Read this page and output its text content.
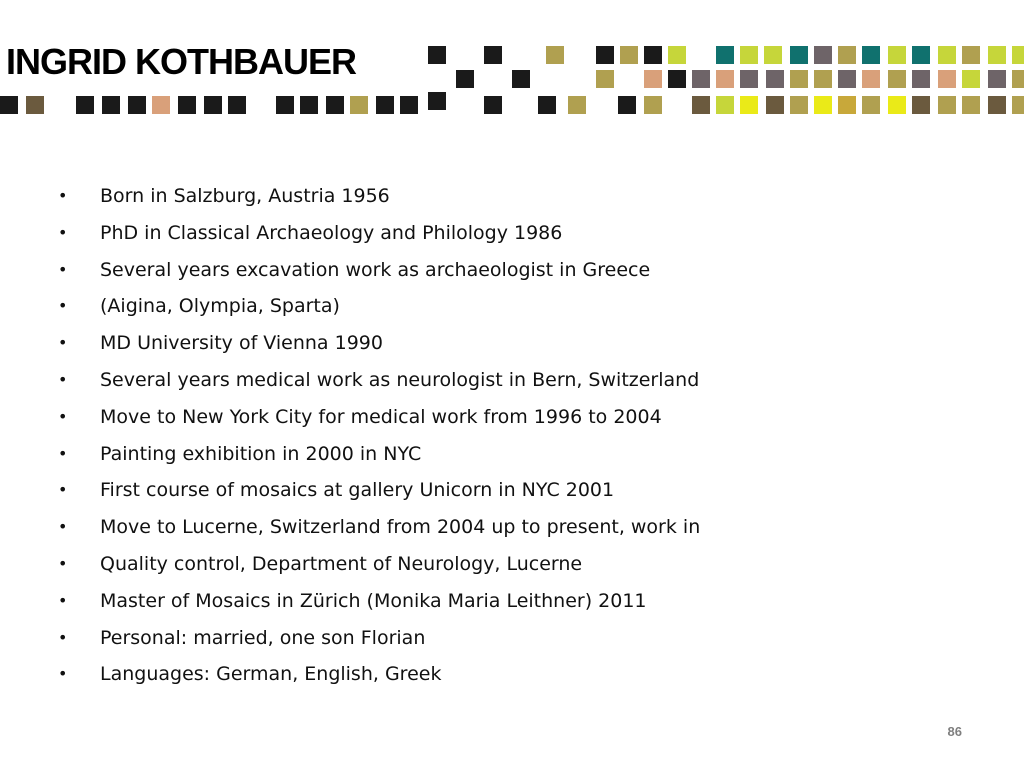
INGRID KOTHBAUER
•	Born in Salzburg, Austria 1956
•	PhD in Classical Archaeology and Philology 1986
•	Several years excavation work as archaeologist in Greece
•	(Aigina, Olympia, Sparta)
•	MD University of Vienna 1990
•	Several years medical work as neurologist in Bern, Switzerland
•	Move to New York City for medical work from 1996 to 2004
•	Painting exhibition in 2000 in NYC
•	First course of mosaics at gallery Unicorn in NYC 2001
•	Move to Lucerne, Switzerland from 2004 up to present, work in
•	Quality control, Department of Neurology, Lucerne
•	Master of Mosaics in Zürich (Monika Maria Leithner) 2011
•	Personal: married, one son Florian
•	Languages: German, English, Greek
86
